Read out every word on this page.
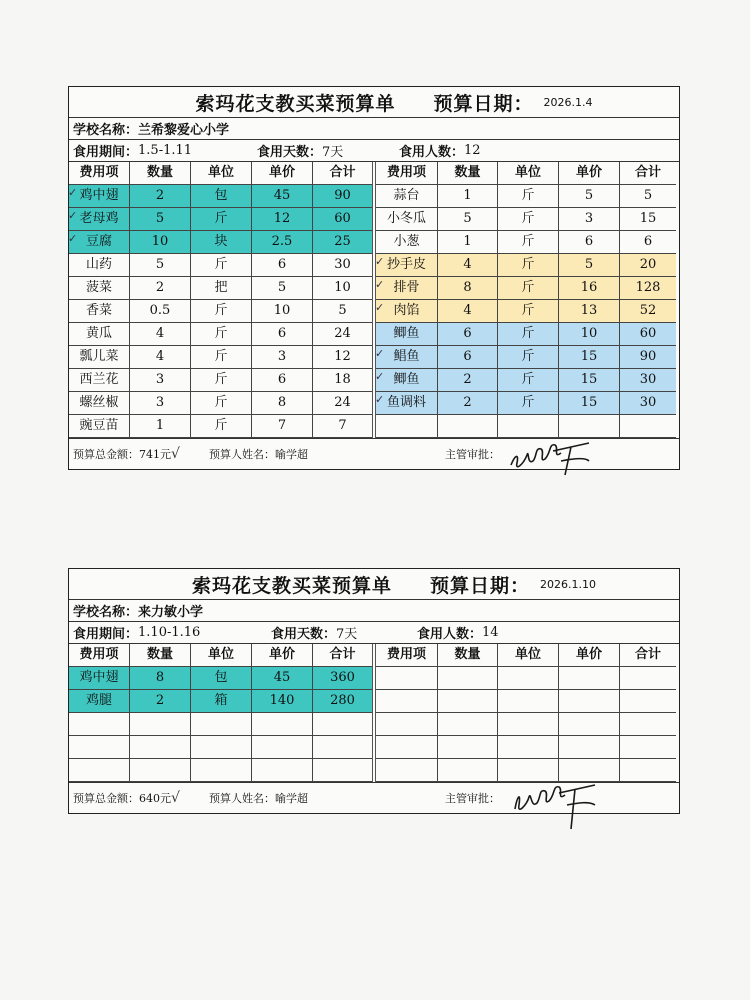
索玛花支教买菜预算单 预算日期： 2026.1.4
学校名称： 兰希黎爱心小学
食用期间： 1.5-1.11	食用天数： 7天	食用人数： 12
费用项	数量	单位	单价	合计
✓ 鸡中翅	2	包	45	90
✓ 老母鸡	5	斤	12	60
✓ 豆腐	10	块	2.5	25
山药	5	斤	6	30
菠菜	2	把	5	10
香菜	0.5	斤	10	5
黄瓜	4	斤	6	24
瓢儿菜	4	斤	3	12
西兰花	3	斤	6	18
螺丝椒	3	斤	8	24
豌豆苗	1	斤	7	7
费用项	数量	单位	单价	合计
蒜台	1	斤	5	5
小冬瓜	5	斤	3	15
小葱	1	斤	6	6
✓ 抄手皮	4	斤	5	20
✓ 排骨	8	斤	16	128
✓ 肉馅	4	斤	13	52
鲫鱼	6	斤	10	60
✓ 鲳鱼	6	斤	15	90
✓ 鲫鱼	2	斤	15	30
✓ 鱼调料	2	斤	15	30
预算总金额：741元√	预算人姓名：喻学超	主管审批：
索玛花支教买菜预算单 预算日期： 2026.1.10
学校名称： 来力敏小学
食用期间： 1.10-1.16	食用天数： 7天	食用人数： 14
费用项	数量	单位	单价	合计
鸡中翅	8	包	45	360
鸡腿	2	箱	140	280
费用项	数量	单位	单价	合计
预算总金额：640元√	预算人姓名：喻学超	主管审批：
